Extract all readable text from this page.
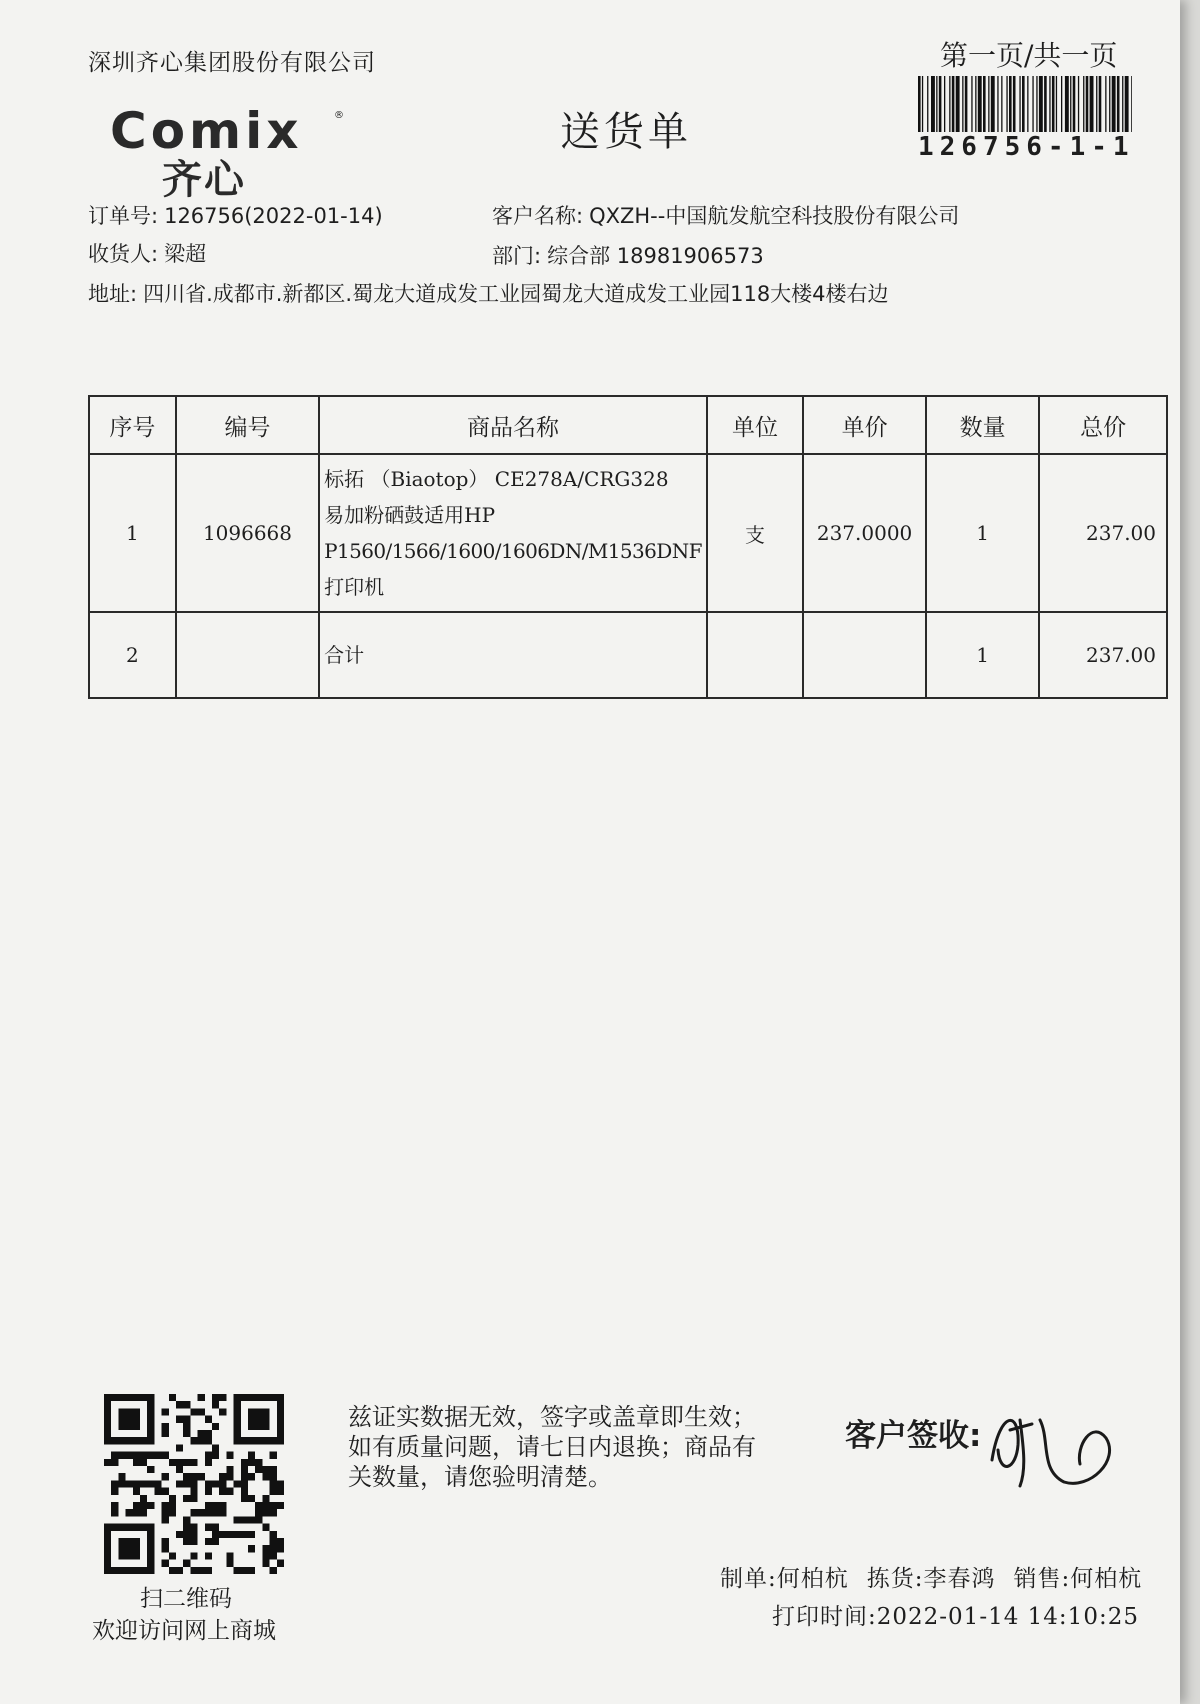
深圳齐心集团股份有限公司	第一页/共一页
126756-1-1
Comix	®
齐心
送货单
订单号: 126756(2022-01-14)	客户名称: QXZH--中国航发航空科技股份有限公司
收货人: 梁超	部门: 综合部 18981906573
地址: 四川省.成都市.新都区.蜀龙大道成发工业园蜀龙大道成发工业园118大楼4楼右边
序号	编号	商品名称	单位	单价	数量	总价
1	1096668	标拓 （Biaotop） CE278A/CRG328
易加粉硒鼓适用HP
P1560/1566/1600/1606DN/M1536DNF
打印机	支	237.0000	1	237.00
2		合计			1	237.00
扫二维码
欢迎访问网上商城
兹证实数据无效，签字或盖章即生效；如有质量问题，请七日内退换；商品有关数量，请您验明清楚。
客户签收:
制单:何柏杭 拣货:李春鸿 销售:何柏杭
打印时间:2022-01-14 14:10:25
